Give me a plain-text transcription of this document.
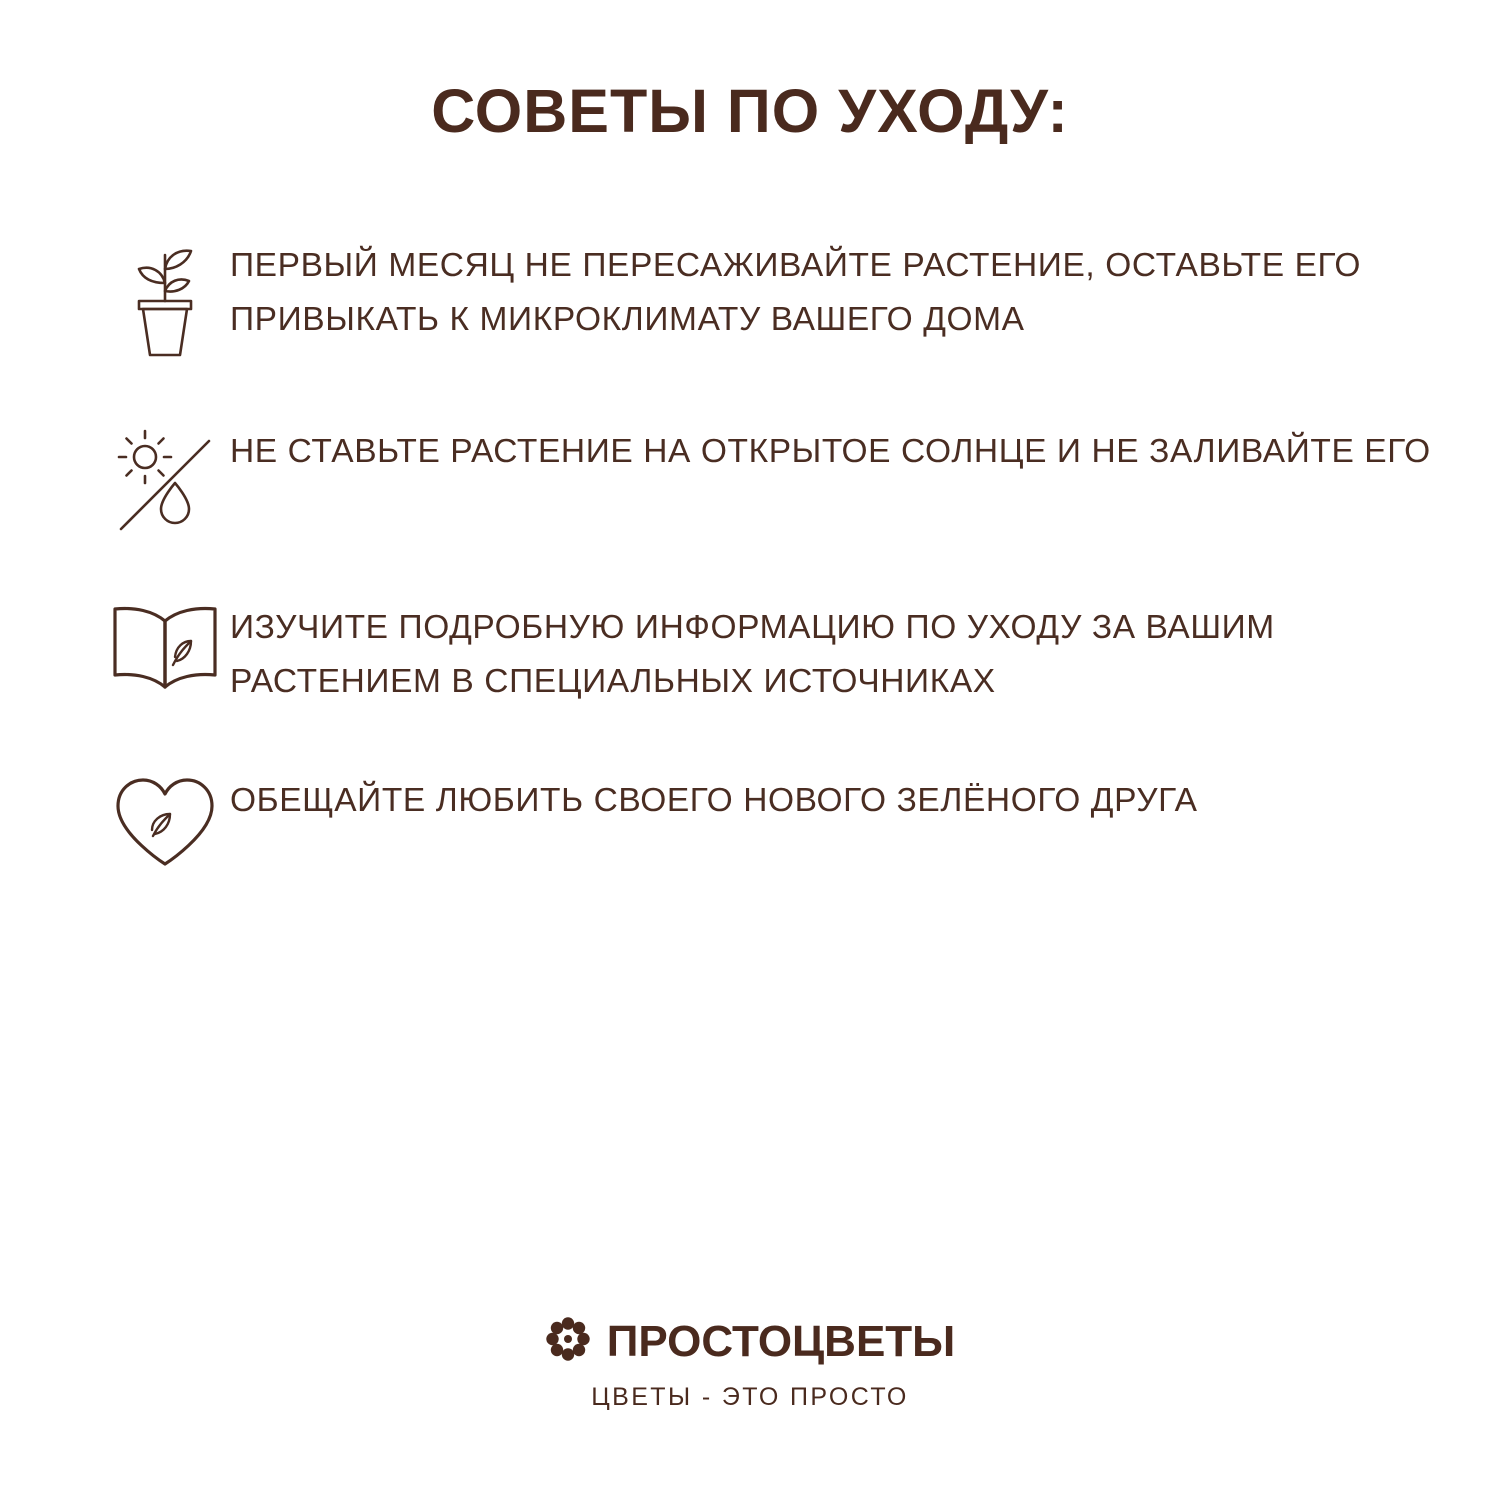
СОВЕТЫ ПО УХОДУ:
ПЕРВЫЙ МЕСЯЦ НЕ ПЕРЕСАЖИВАЙТЕ РАСТЕНИЕ, ОСТАВЬТЕ ЕГО ПРИВЫКАТЬ К МИКРОКЛИМАТУ ВАШЕГО ДОМА
НЕ СТАВЬТЕ РАСТЕНИЕ НА ОТКРЫТОЕ СОЛНЦЕ И НЕ ЗАЛИВАЙТЕ ЕГО
ИЗУЧИТЕ ПОДРОБНУЮ ИНФОРМАЦИЮ ПО УХОДУ ЗА ВАШИМ РАСТЕНИЕМ В СПЕЦИАЛЬНЫХ ИСТОЧНИКАХ
ОБЕЩАЙТЕ ЛЮБИТЬ СВОЕГО НОВОГО ЗЕЛЁНОГО ДРУГА
ПРОСТОЦВЕТЫ
ЦВЕТЫ - ЭТО ПРОСТО
